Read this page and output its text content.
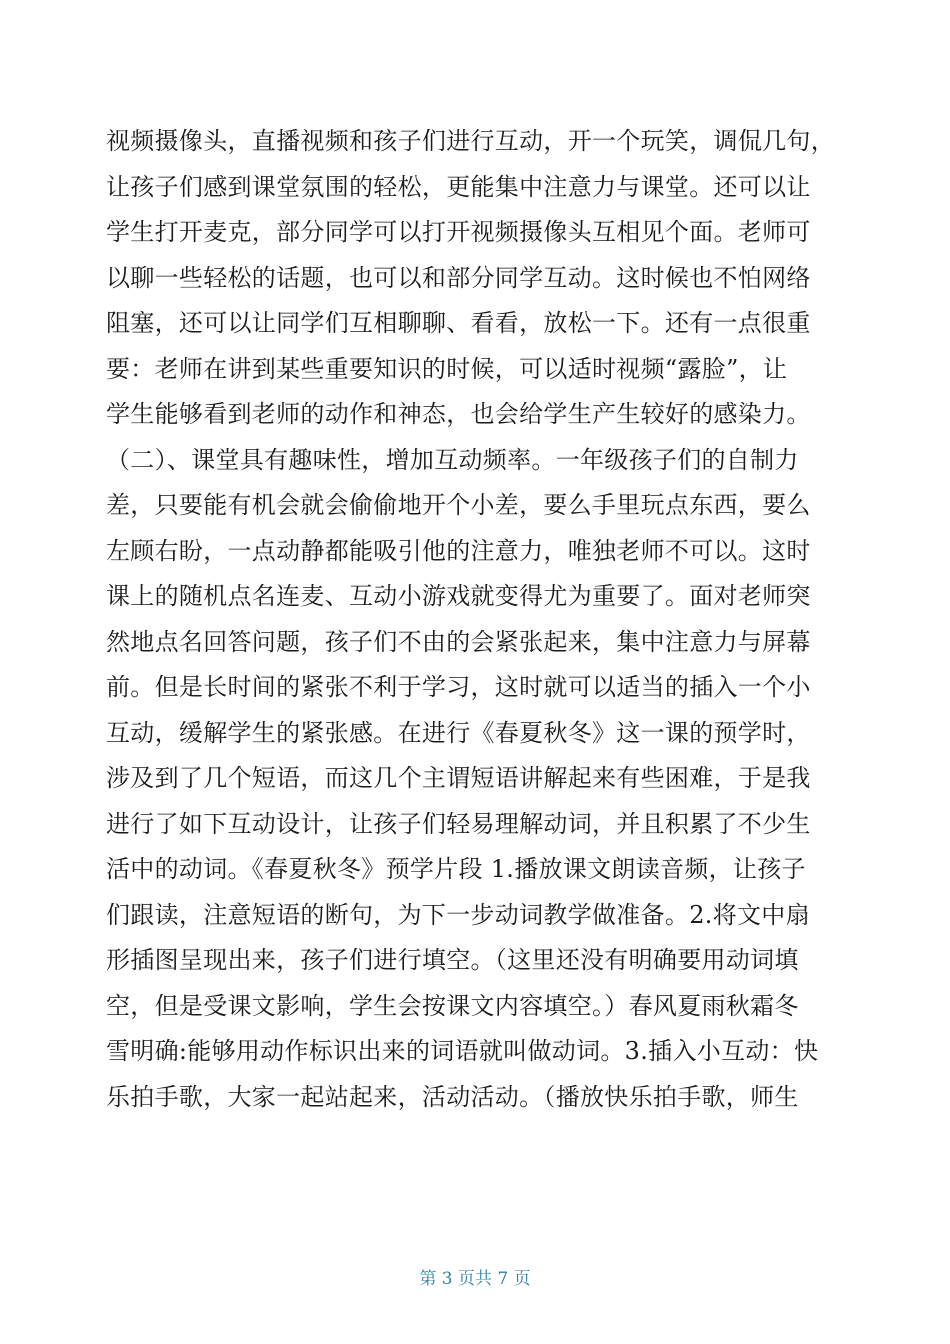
视频摄像头，直播视频和孩子们进行互动，开一个玩笑，调侃几句，
让孩子们感到课堂氛围的轻松，更能集中注意力与课堂。还可以让
学生打开麦克，部分同学可以打开视频摄像头互相见个面。老师可
以聊一些轻松的话题，也可以和部分同学互动。这时候也不怕网络
阻塞，还可以让同学们互相聊聊、看看，放松一下。还有一点很重
要：老师在讲到某些重要知识的时候，可以适时视频“露脸”，让
学生能够看到老师的动作和神态，也会给学生产生较好的感染力。
（二）、课堂具有趣味性，增加互动频率。一年级孩子们的自制力
差，只要能有机会就会偷偷地开个小差，要么手里玩点东西，要么
左顾右盼，一点动静都能吸引他的注意力，唯独老师不可以。这时
课上的随机点名连麦、互动小游戏就变得尤为重要了。面对老师突
然地点名回答问题，孩子们不由的会紧张起来，集中注意力与屏幕
前。但是长时间的紧张不利于学习，这时就可以适当的插入一个小
互动，缓解学生的紧张感。在进行《春夏秋冬》这一课的预学时，
涉及到了几个短语，而这几个主谓短语讲解起来有些困难，于是我
进行了如下互动设计，让孩子们轻易理解动词，并且积累了不少生
活中的动词。《春夏秋冬》预学片段 1.播放课文朗读音频，让孩子
们跟读，注意短语的断句，为下一步动词教学做准备。2.将文中扇
形插图呈现出来，孩子们进行填空。（这里还没有明确要用动词填
空，但是受课文影响，学生会按课文内容填空。）春风夏雨秋霜冬
雪明确:能够用动作标识出来的词语就叫做动词。3.插入小互动：快
乐拍手歌，大家一起站起来，活动活动。（播放快乐拍手歌，师生
第 3 页共 7 页
